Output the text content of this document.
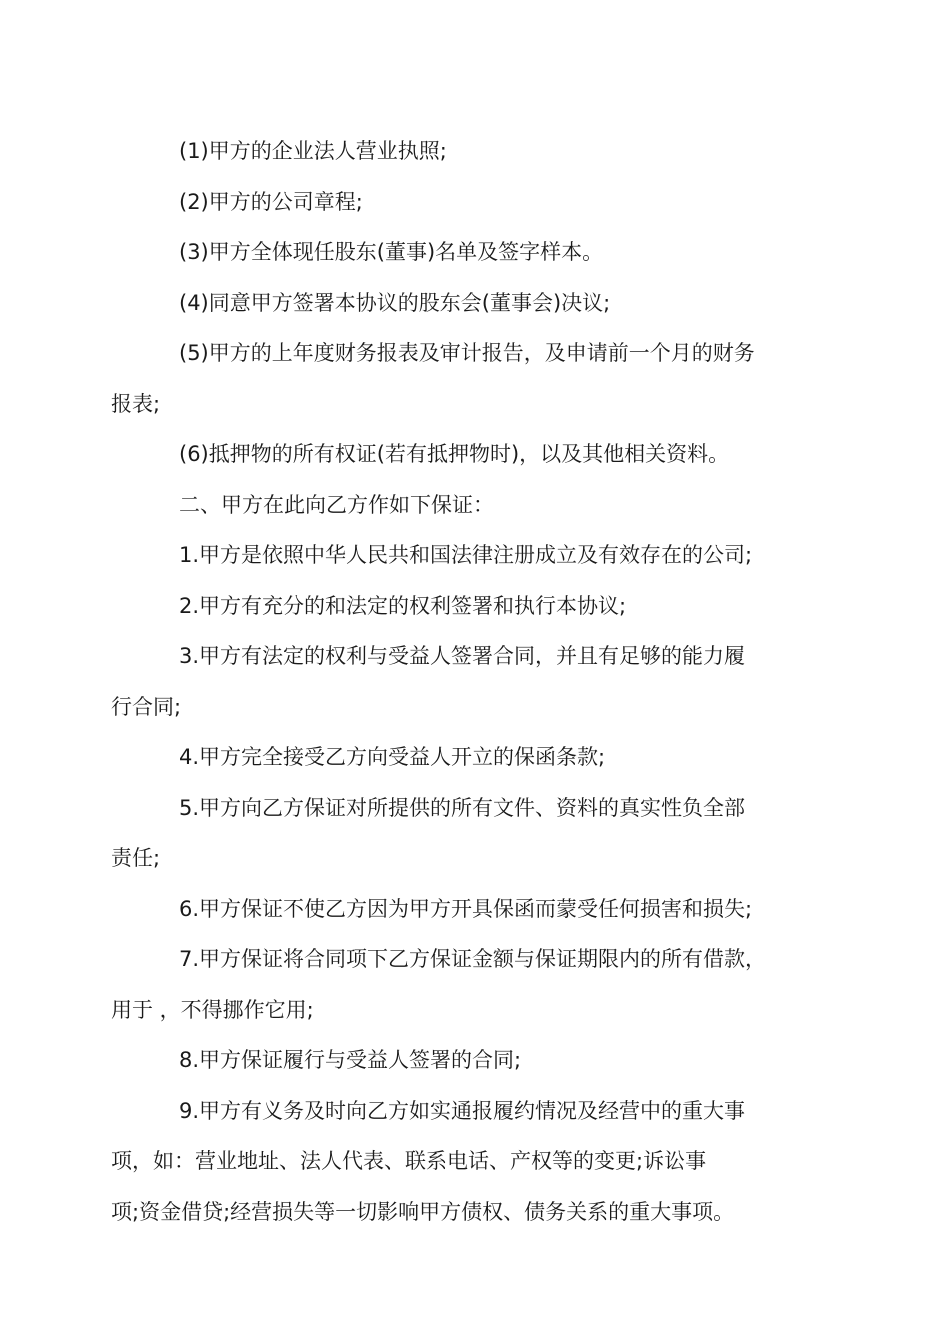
(1)甲方的企业法人营业执照;

(2)甲方的公司章程;

(3)甲方全体现任股东(董事)名单及签字样本。

(4)同意甲方签署本协议的股东会(董事会)决议;

(5)甲方的上年度财务报表及审计报告，及申请前一个月的财务
报表;

(6)抵押物的所有权证(若有抵押物时)，以及其他相关资料。

二、甲方在此向乙方作如下保证：

1.甲方是依照中华人民共和国法律注册成立及有效存在的公司;

2.甲方有充分的和法定的权利签署和执行本协议;

3.甲方有法定的权利与受益人签署合同，并且有足够的能力履
行合同;

4.甲方完全接受乙方向受益人开立的保函条款;

5.甲方向乙方保证对所提供的所有文件、资料的真实性负全部
责任;

6.甲方保证不使乙方因为甲方开具保函而蒙受任何损害和损失;

7.甲方保证将合同项下乙方保证金额与保证期限内的所有借款，
用于 ，不得挪作它用;

8.甲方保证履行与受益人签署的合同;

9.甲方有义务及时向乙方如实通报履约情况及经营中的重大事
项，如：营业地址、法人代表、联系电话、产权等的变更;诉讼事
项;资金借贷;经营损失等一切影响甲方债权、债务关系的重大事项。
